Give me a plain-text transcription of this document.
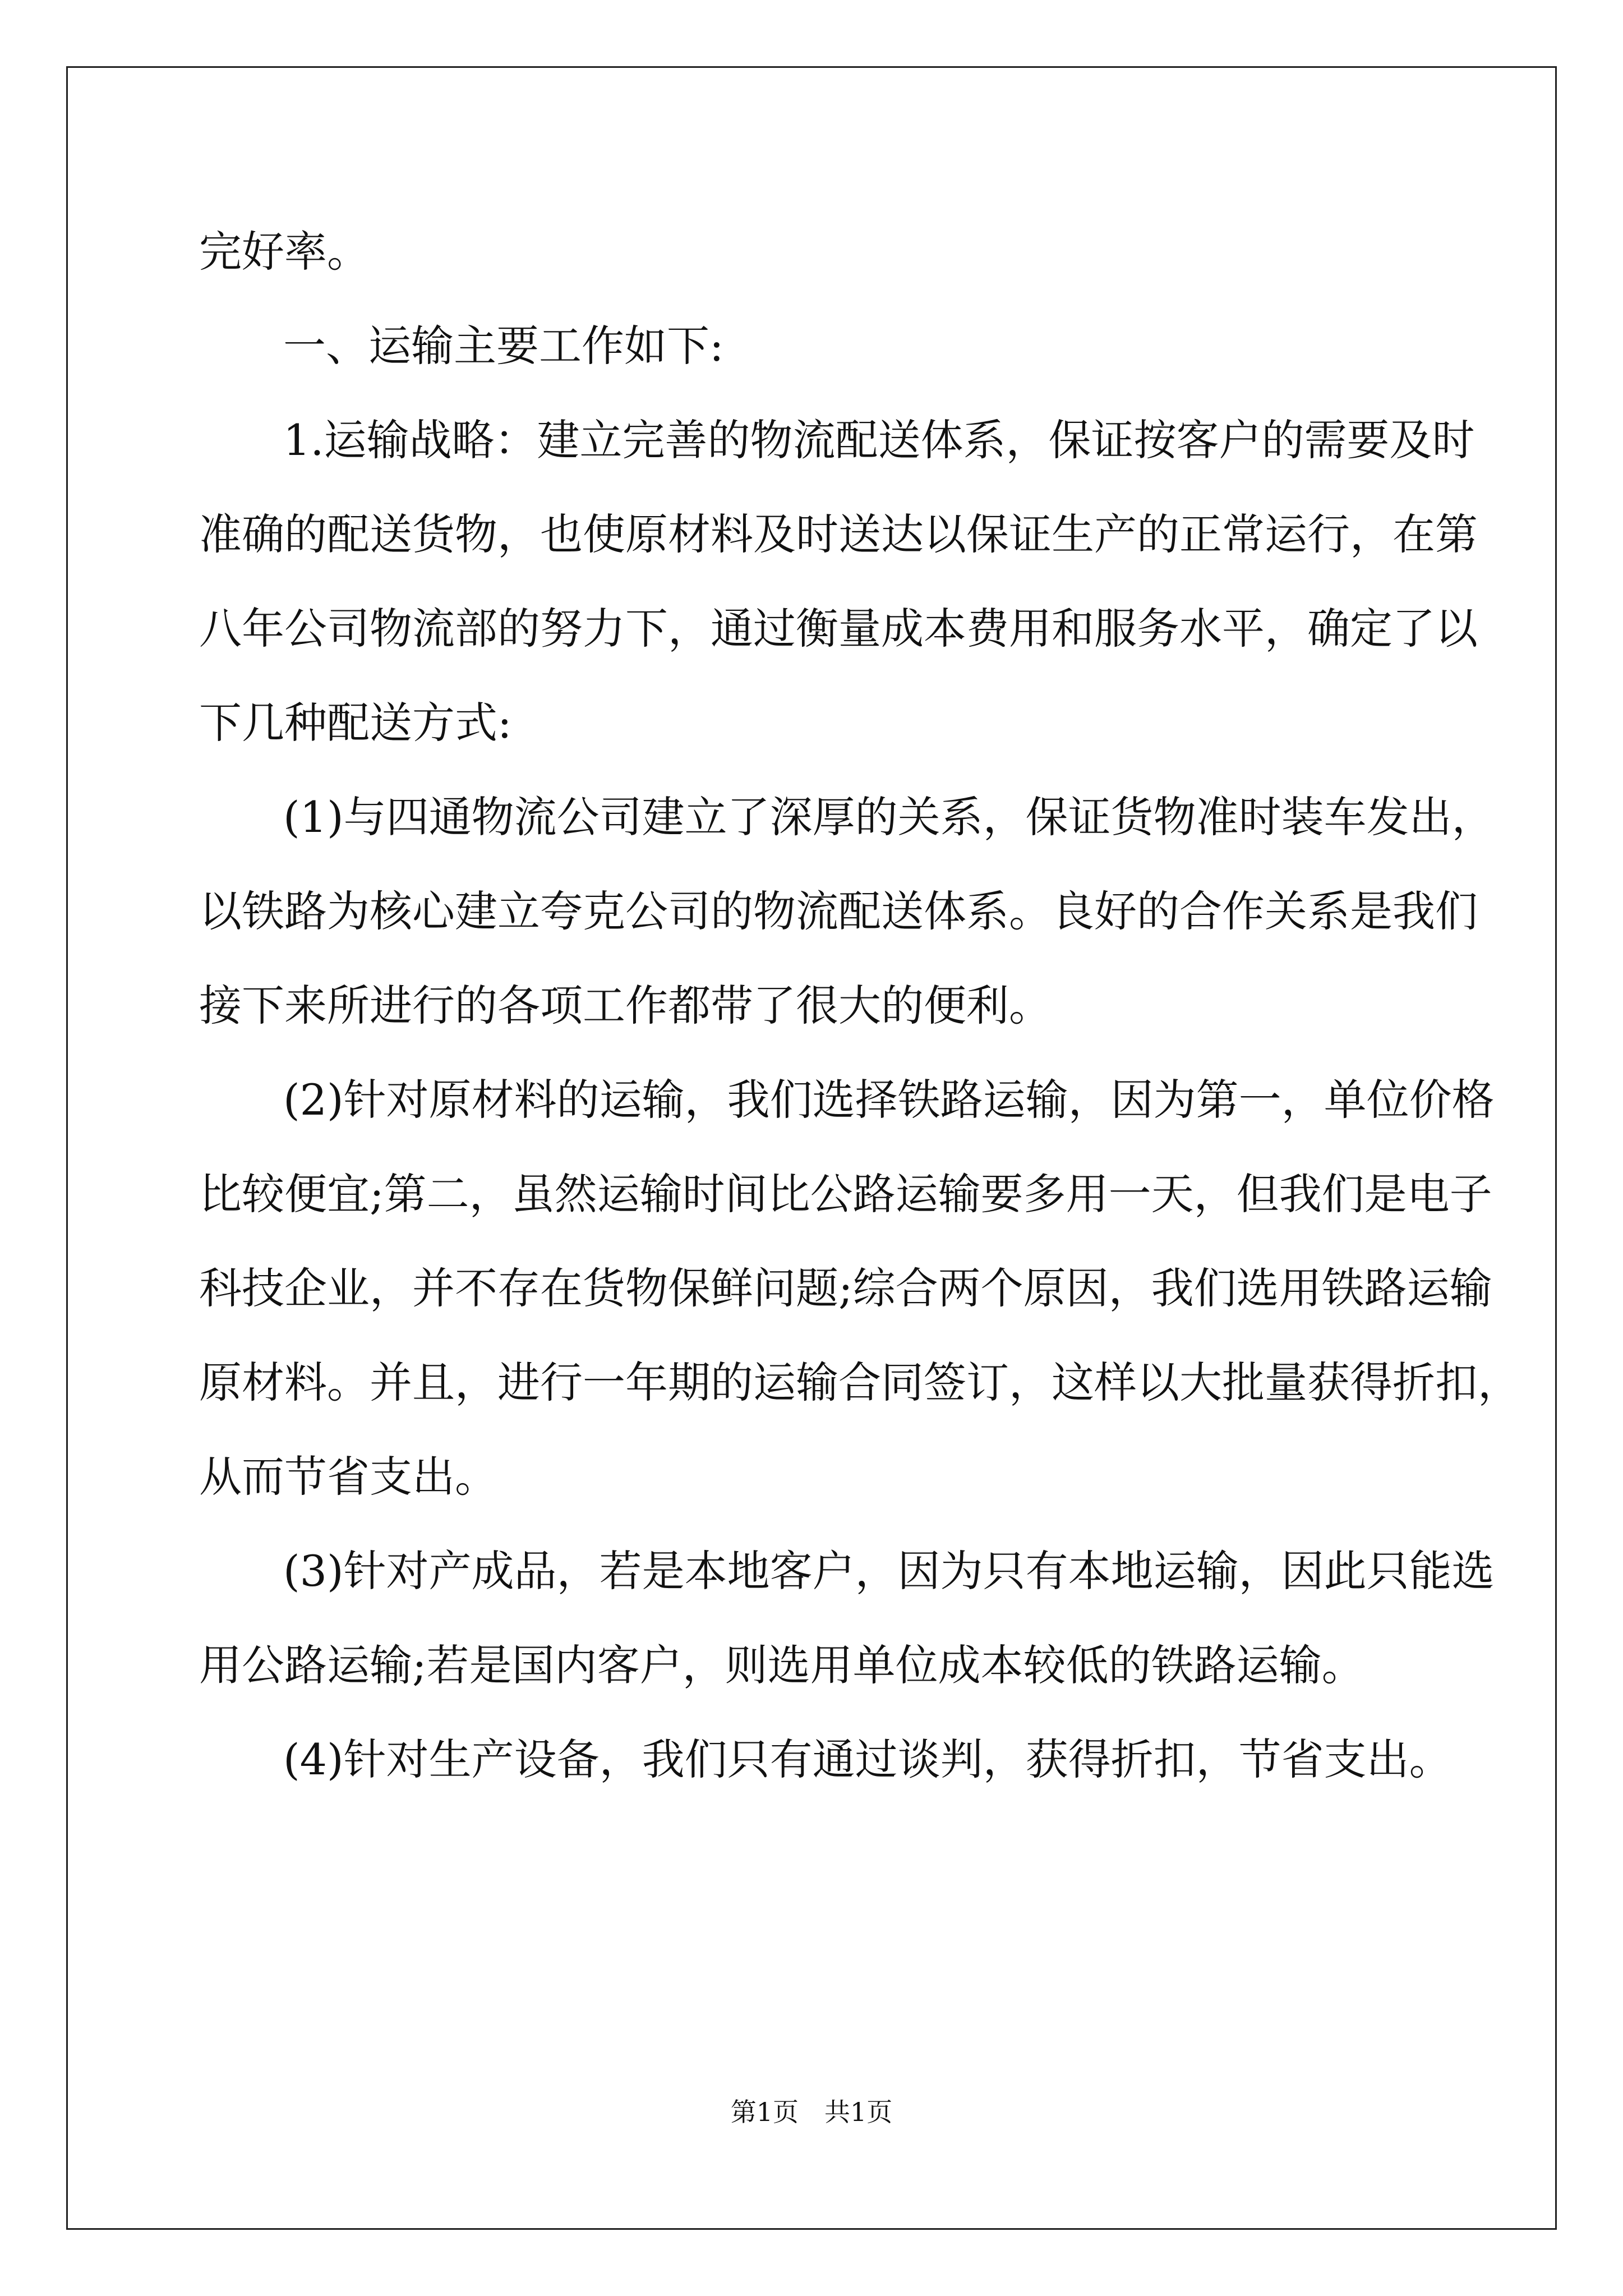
完好率。
一、运输主要工作如下:
1.运输战略：建立完善的物流配送体系，保证按客户的需要及时
准确的配送货物，也使原材料及时送达以保证生产的正常运行，在第
八年公司物流部的努力下，通过衡量成本费用和服务水平，确定了以
下几种配送方式:
(1)与四通物流公司建立了深厚的关系，保证货物准时装车发出，
以铁路为核心建立夸克公司的物流配送体系。良好的合作关系是我们
接下来所进行的各项工作都带了很大的便利。
(2)针对原材料的运输，我们选择铁路运输，因为第一，单位价格
比较便宜;第二，虽然运输时间比公路运输要多用一天，但我们是电子
科技企业，并不存在货物保鲜问题;综合两个原因，我们选用铁路运输
原材料。并且，进行一年期的运输合同签订，这样以大批量获得折扣，
从而节省支出。
(3)针对产成品，若是本地客户，因为只有本地运输，因此只能选
用公路运输;若是国内客户，则选用单位成本较低的铁路运输。
(4)针对生产设备，我们只有通过谈判，获得折扣，节省支出。
第1页　共1页
